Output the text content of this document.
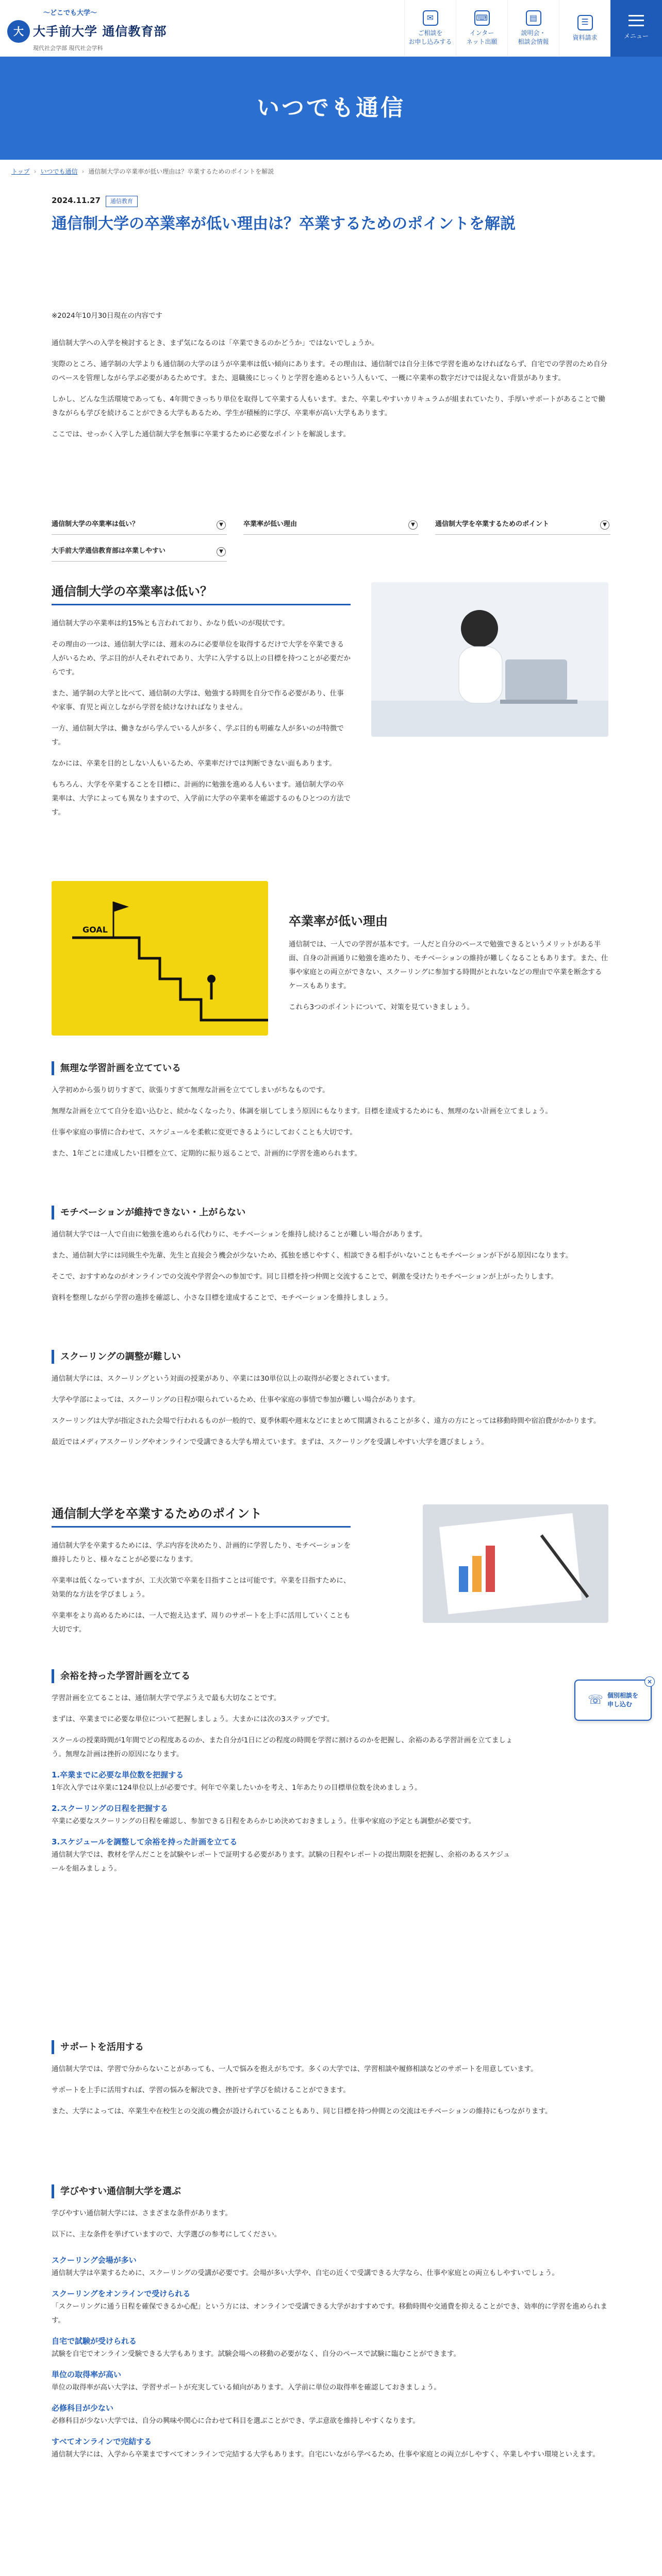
〜どこでも大学〜
大 大手前大学 通信教育部
現代社会学部 現代社会学科
✉
ご相談を
お申し込みする
⌨
インター
ネット出願
▤
説明会・
相談会情報
☰
資料請求	メニュー
いつでも通信
トップ › いつでも通信 › 通信制大学の卒業率が低い理由は？卒業するためのポイントを解説
2024.11.27 通信教育
通信制大学の卒業率が低い理由は？卒業するためのポイントを解説

※2024年10月30日現在の内容です

通信制大学への入学を検討するとき、まず気になるのは「卒業できるのかどうか」ではないでしょうか。

実際のところ、通学制の大学よりも通信制の大学のほうが卒業率は低い傾向にあります。その理由は、通信制では自分主体で学習を進めなければならず、自宅での学習のため自分のペースを管理しながら学ぶ必要があるためです。また、退職後にじっくりと学習を進めるという人もいて、一概に卒業率の数字だけでは捉えない背景があります。

しかし、どんな生活環境であっても、4年間できっちり単位を取得して卒業する人もいます。また、卒業しやすいカリキュラムが組まれていたり、手厚いサポートがあることで働きながらも学びを続けることができる大学もあるため、学生が積極的に学び、卒業率が高い大学もあります。

ここでは、せっかく入学した通信制大学を無事に卒業するために必要なポイントを解説します。

通信制大学の卒業率は低い？	▼	卒業率が低い理由	▼	通信制大学を卒業するためのポイント	▼
大手前大学通信教育部は卒業しやすい	▼
通信制大学の卒業率は低い？

通信制大学の卒業率は約15%とも言われており、かなり低いのが現状です。

その理由の一つは、通信制大学には、週末のみに必要単位を取得するだけで大学を卒業できる人がいるため、学ぶ目的が人それぞれであり、大学に入学する以上の目標を持つことが必要だからです。

また、通学制の大学と比べて、通信制の大学は、勉強する時間を自分で作る必要があり、仕事や家事、育児と両立しながら学習を続けなければなりません。

一方、通信制大学は、働きながら学んでいる人が多く、学ぶ目的も明確な人が多いのが特徴です。

なかには、卒業を目的としない人もいるため、卒業率だけでは判断できない面もあります。

もちろん、大学を卒業することを目標に、計画的に勉強を進める人もいます。通信制大学の卒業率は、大学によっても異なりますので、入学前に大学の卒業率を確認するのもひとつの方法です。

GOAL
卒業率が低い理由

通信制では、一人での学習が基本です。一人だと自分のペースで勉強できるというメリットがある半面、自身の計画通りに勉強を進めたり、モチベーションの維持が難しくなることもあります。また、仕事や家庭との両立ができない、スクーリングに参加する時間がとれないなどの理由で卒業を断念するケースもあります。

これら3つのポイントについて、対策を見ていきましょう。

無理な学習計画を立てている

入学初めから張り切りすぎて、欲張りすぎて無理な計画を立ててしまいがちなものです。

無理な計画を立てて自分を追い込むと、続かなくなったり、体調を崩してしまう原因にもなります。目標を達成するためにも、無理のない計画を立てましょう。

仕事や家庭の事情に合わせて、スケジュールを柔軟に変更できるようにしておくことも大切です。

また、1年ごとに達成したい目標を立て、定期的に振り返ることで、計画的に学習を進められます。

モチベーションが維持できない・上がらない

通信制大学では一人で自由に勉強を進められる代わりに、モチベーションを維持し続けることが難しい場合があります。

また、通信制大学には同級生や先輩、先生と直接会う機会が少ないため、孤独を感じやすく、相談できる相手がいないこともモチベーションが下がる原因になります。

そこで、おすすめなのがオンラインでの交流や学習会への参加です。同じ目標を持つ仲間と交流することで、刺激を受けたりモチベーションが上がったりします。

資料を整理しながら学習の進捗を確認し、小さな目標を達成することで、モチベーションを維持しましょう。

スクーリングの調整が難しい

通信制大学には、スクーリングという対面の授業があり、卒業には30単位以上の取得が必要とされています。

大学や学部によっては、スクーリングの日程が限られているため、仕事や家庭の事情で参加が難しい場合があります。

スクーリングは大学が指定された会場で行われるものが一般的で、夏季休暇や週末などにまとめて開講されることが多く、遠方の方にとっては移動時間や宿泊費がかかります。

最近ではメディアスクーリングやオンラインで受講できる大学も増えています。まずは、スクーリングを受講しやすい大学を選びましょう。

通信制大学を卒業するためのポイント

通信制大学を卒業するためには、学ぶ内容を決めたり、計画的に学習したり、モチベーションを維持したりと、様々なことが必要になります。

卒業率は低くなっていますが、工夫次第で卒業を目指すことは可能です。卒業を目指すために、効果的な方法を学びましょう。

卒業率をより高めるためには、一人で抱え込まず、周りのサポートを上手に活用していくことも大切です。

余裕を持った学習計画を立てる

学習計画を立てることは、通信制大学で学ぶうえで最も大切なことです。

まずは、卒業までに必要な単位について把握しましょう。大まかには次の3ステップです。

スクールの授業時間が1年間でどの程度あるのか、また自分が1日にどの程度の時間を学習に割けるのかを把握し、余裕のある学習計画を立てましょう。無理な計画は挫折の原因になります。

1.卒業までに必要な単位数を把握する

1年次入学では卒業に124単位以上が必要です。何年で卒業したいかを考え、1年あたりの目標単位数を決めましょう。

2.スクーリングの日程を把握する

卒業に必要なスクーリングの日程を確認し、参加できる日程をあらかじめ決めておきましょう。仕事や家庭の予定とも調整が必要です。

3.スケジュールを調整して余裕を持った計画を立てる

通信制大学では、教材を学んだことを試験やレポートで証明する必要があります。試験の日程やレポートの提出期限を把握し、余裕のあるスケジュールを組みましょう。

サポートを活用する

通信制大学では、学習で分からないことがあっても、一人で悩みを抱えがちです。多くの大学では、学習相談や履修相談などのサポートを用意しています。

サポートを上手に活用すれば、学習の悩みを解決でき、挫折せず学びを続けることができます。

また、大学によっては、卒業生や在校生との交流の機会が設けられていることもあり、同じ目標を持つ仲間との交流はモチベーションの維持にもつながります。

学びやすい通信制大学を選ぶ

学びやすい通信制大学には、さまざまな条件があります。

以下に、主な条件を挙げていますので、大学選びの参考にしてください。

スクーリング会場が多い

通信制大学は卒業するために、スクーリングの受講が必要です。会場が多い大学や、自宅の近くで受講できる大学なら、仕事や家庭との両立もしやすいでしょう。

スクーリングをオンラインで受けられる

「スクーリングに通う日程を確保できるか心配」という方には、オンラインで受講できる大学がおすすめです。移動時間や交通費を抑えることができ、効率的に学習を進められます。

自宅で試験が受けられる

試験を自宅でオンライン受験できる大学もあります。試験会場への移動の必要がなく、自分のペースで試験に臨むことができます。

単位の取得率が高い

単位の取得率が高い大学は、学習サポートが充実している傾向があります。入学前に単位の取得率を確認しておきましょう。

必修科目が少ない

必修科目が少ない大学では、自分の興味や関心に合わせて科目を選ぶことができ、学ぶ意欲を維持しやすくなります。

すべてオンラインで完結する

通信制大学には、入学から卒業まですべてオンラインで完結する大学もあります。自宅にいながら学べるため、仕事や家庭との両立がしやすく、卒業しやすい環境といえます。

×
☏ 個別相談を
申し込む
